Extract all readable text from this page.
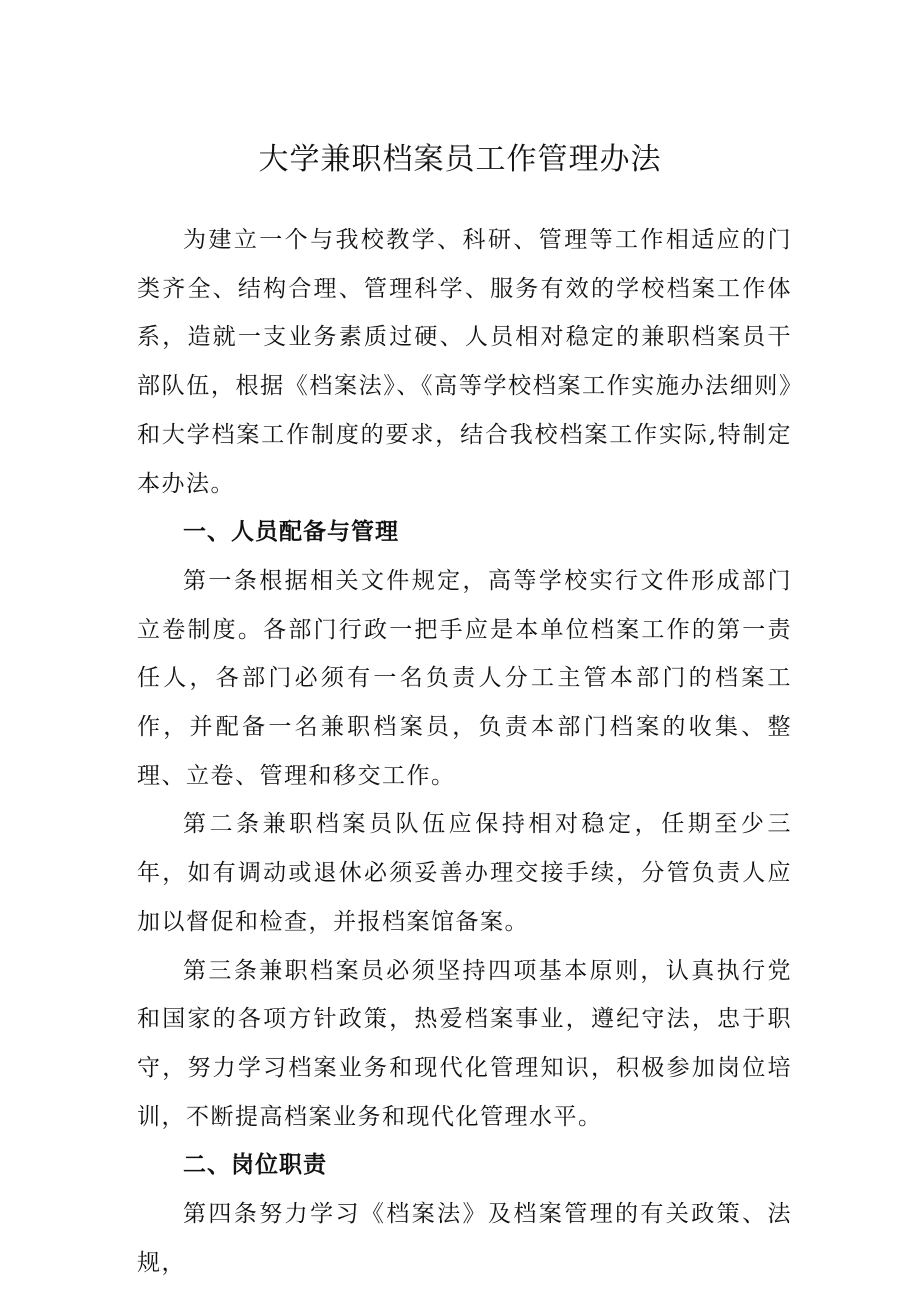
大学兼职档案员工作管理办法

为建立一个与我校教学、科研、管理等工作相适应的门类齐全、结构合理、管理科学、服务有效的学校档案工作体系，造就一支业务素质过硬、人员相对稳定的兼职档案员干部队伍，根据《档案法》、《高等学校档案工作实施办法细则》和大学档案工作制度的要求，结合我校档案工作实际,特制定本办法。

一、人员配备与管理

第一条根据相关文件规定，高等学校实行文件形成部门立卷制度。各部门行政一把手应是本单位档案工作的第一责任人，各部门必须有一名负责人分工主管本部门的档案工作，并配备一名兼职档案员，负责本部门档案的收集、整理、立卷、管理和移交工作。

第二条兼职档案员队伍应保持相对稳定，任期至少三年，如有调动或退休必须妥善办理交接手续，分管负责人应加以督促和检查，并报档案馆备案。

第三条兼职档案员必须坚持四项基本原则，认真执行党和国家的各项方针政策，热爱档案事业，遵纪守法，忠于职守，努力学习档案业务和现代化管理知识，积极参加岗位培训，不断提高档案业务和现代化管理水平。

二、岗位职责

第四条努力学习《档案法》及档案管理的有关政策、法规，
